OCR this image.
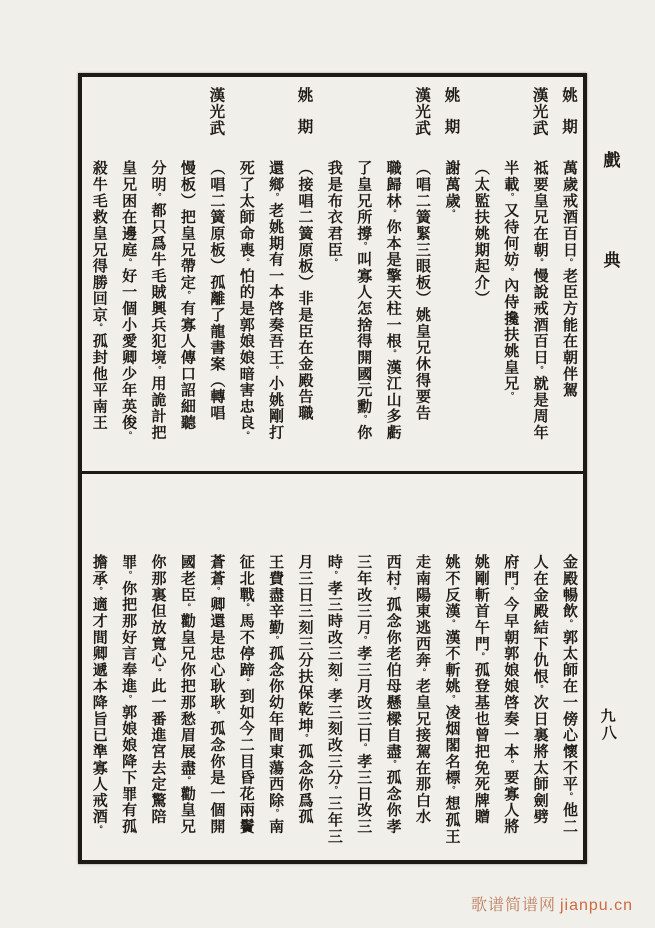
戲
典
姚期
萬歲戒酒百日。老臣方能在朝伴駕
漢光武
祗要皇兄在朝。慢說戒酒百日。就是周年
半載。又待何妨。內侍攙扶姚皇兄。
（太監扶姚期起介）
姚期
謝萬歲。
漢光武
（唱二簧緊三眼板）姚皇兄休得要告
職歸林。你本是擎天柱一根。漢江山多虧
了皇兄所撐。叫寡人怎捨得開國元勳。你
我是布衣君臣。
姚期
（接唱二簧原板）非是臣在金殿告職
還鄉。老姚期有一本啓奏吾王。小姚剛打
死了太師命喪。怕的是郭娘娘暗害忠良。
漢光武
（唱二簧原板）孤離了龍書案（轉唱
慢板）把皇兄帶定。有寡人傳口詔細聽
分明。都只爲牛毛賊興兵犯境。用詭計把
皇兄困在邊庭。好一個小愛卿少年英俊。
殺牛毛救皇兄得勝回京。孤封他平南王
金殿暢飲。郭太師在一傍心懷不平。他二
人在金殿結下仇恨。次日裏將太師劍劈
府門。今早朝郭娘娘啓奏一本。要寡人將
姚剛斬首午門。孤登基也曾把免死牌贈
姚不反漢。漢不斬姚。凌烟閣名標。想孤王
走南陽東逃西奔。老皇兄接駕在那白水
西村。孤念你老伯母懸樑自盡。孤念你孝
三年改三月。孝三月改三日。孝三日改三
時。孝三時改三刻。孝三刻改三分。三年三
月三日三刻三分扶保乾坤。孤念你爲孤
王費盡辛勤。孤念你幼年間東蕩西除。南
征北戰。馬不停蹄。到如今二目昏花兩鬢
蒼蒼。卿還是忠心耿耿。孤念你是一個開
國老臣。勸皇兄你把那愁眉展盡。勸皇兄
你那裏但放寬心。此一番進宮去定驚陪
罪。你把那好言奉進。郭娘娘降下罪有孤
擔承。適才間卿遞本降旨已準寡人戒酒。
九八
歌谱简谱网 jianpu.cn
